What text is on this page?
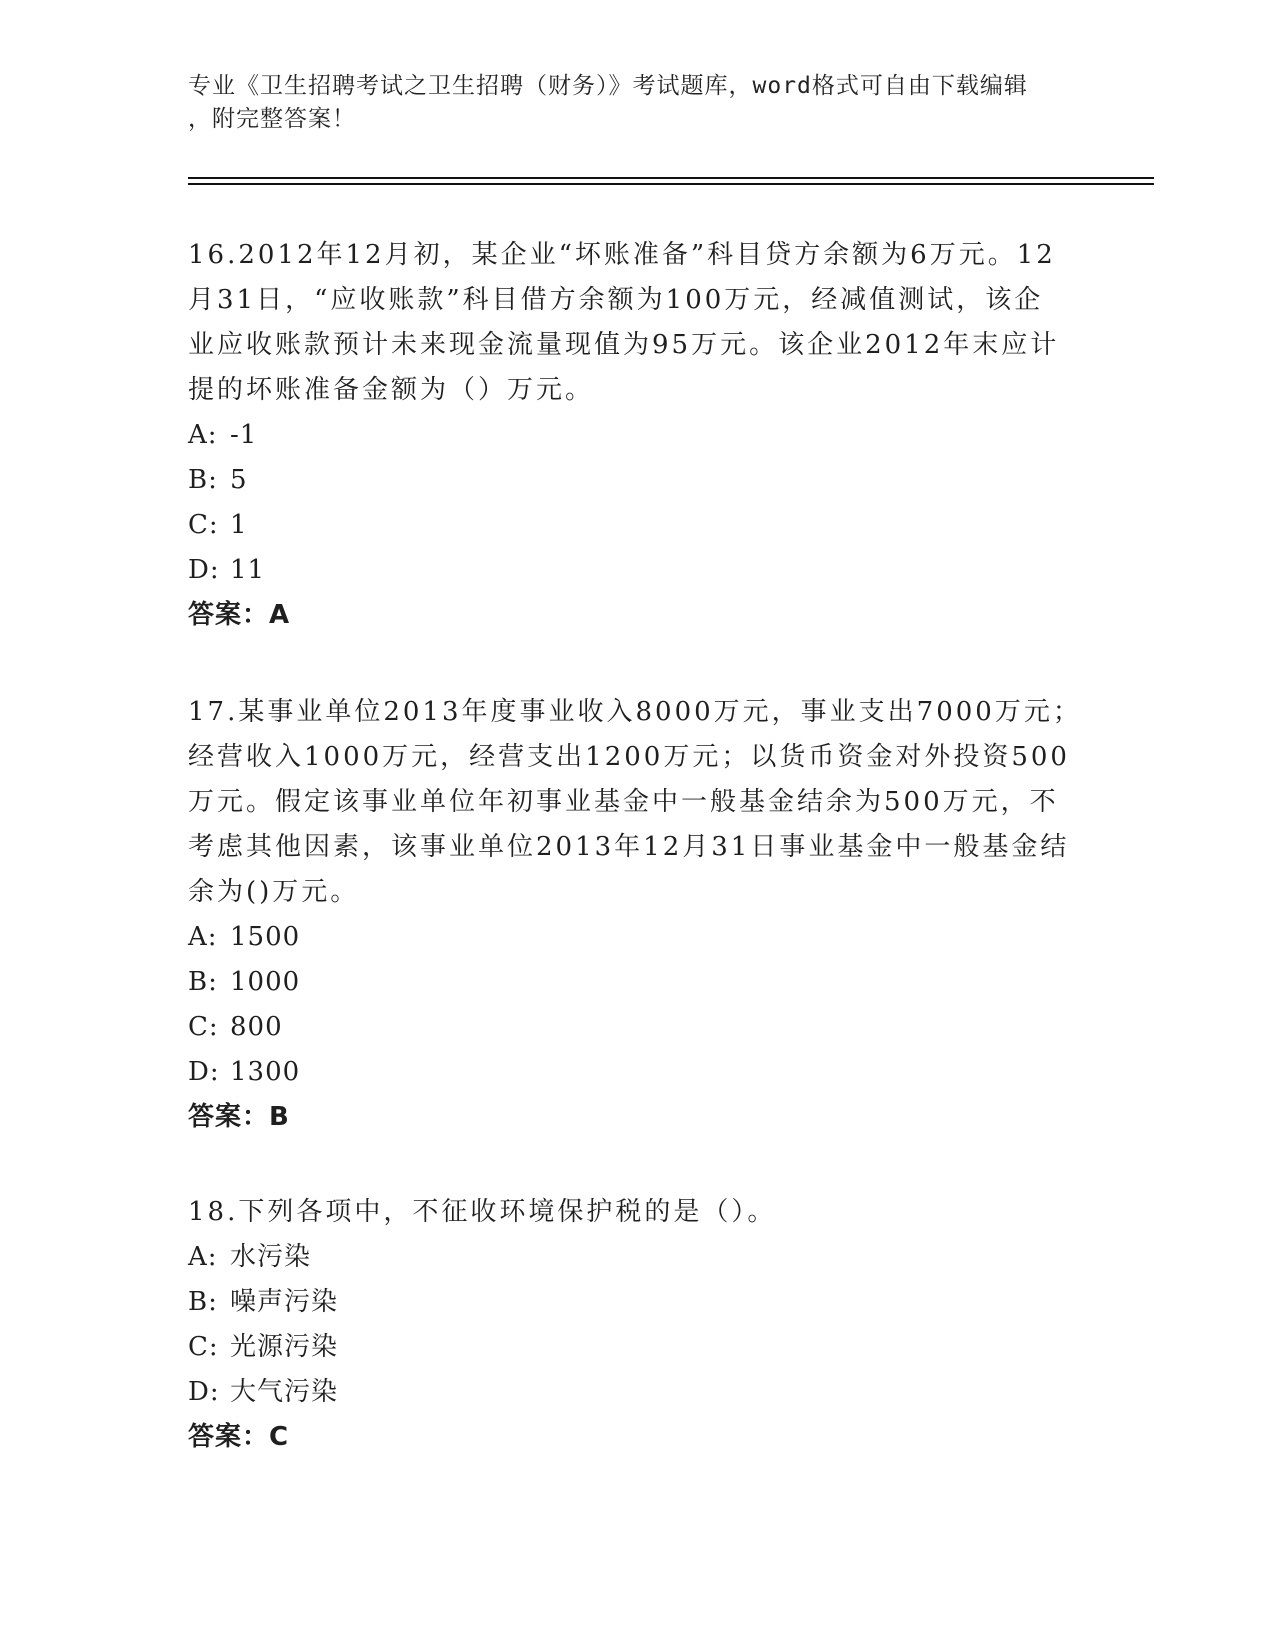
专业《卫生招聘考试之卫生招聘（财务）》考试题库，word格式可自由下载编辑
，附完整答案！

16.2012年12月初，某企业“坏账准备”科目贷方余额为6万元。12

月31日，“应收账款”科目借方余额为100万元，经减值测试，该企

业应收账款预计未来现金流量现值为95万元。该企业2012年末应计

提的坏账准备金额为（）万元。

A: -1

B: 5

C: 1

D: 11

答案：A

17.某事业单位2013年度事业收入8000万元，事业支出7000万元；

经营收入1000万元，经营支出1200万元；以货币资金对外投资500

万元。假定该事业单位年初事业基金中一般基金结余为500万元，不

考虑其他因素，该事业单位2013年12月31日事业基金中一般基金结

余为()万元。

A: 1500

B: 1000

C: 800

D: 1300

答案：B

18.下列各项中，不征收环境保护税的是（）。

A: 水污染

B: 噪声污染

C: 光源污染

D: 大气污染

答案：C
